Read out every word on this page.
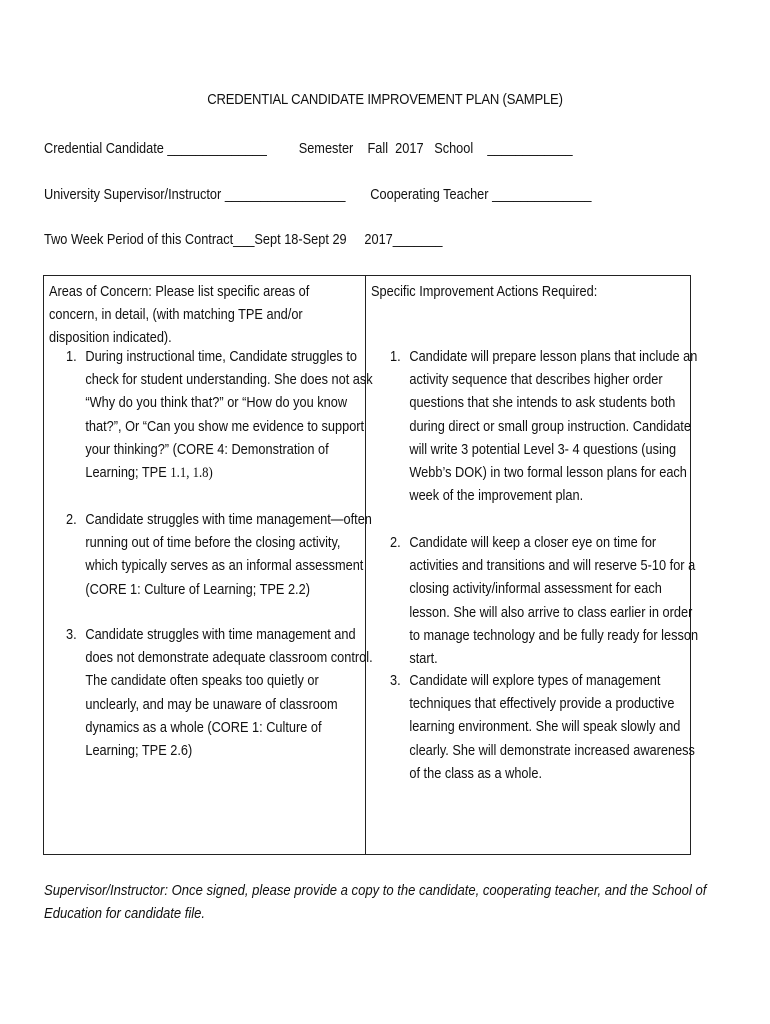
CREDENTIAL CANDIDATE IMPROVEMENT PLAN (SAMPLE)
Credential Candidate ______________ Semester Fall  2017 School ____________
University Supervisor/Instructor _________________ Cooperating Teacher ______________
Two Week Period of this Contract___Sept 18-Sept 29     2017_______
Areas of Concern: Please list specific areas of concern, in detail, (with matching TPE and/or disposition indicated).
1. During instructional time, Candidate struggles to check for student understanding. She does not ask “Why do you think that?” or “How do you know that?”, Or “Can you show me evidence to support your thinking?” (CORE 4: Demonstration of Learning; TPE 1.1, 1.8)
2. Candidate struggles with time management—often running out of time before the closing activity, which typically serves as an informal assessment (CORE 1: Culture of Learning; TPE 2.2)
3. Candidate struggles with time management and does not demonstrate adequate classroom control. The candidate often speaks too quietly or unclearly, and may be unaware of classroom dynamics as a whole (CORE 1: Culture of Learning; TPE 2.6)
Specific Improvement Actions Required:
1. Candidate will prepare lesson plans that include an activity sequence that describes higher order questions that she intends to ask students both during direct or small group instruction. Candidate will write 3 potential Level 3- 4 questions (using Webb’s DOK) in two formal lesson plans for each week of the improvement plan.
2. Candidate will keep a closer eye on time for activities and transitions and will reserve 5-10 for a closing activity/informal assessment for each lesson. She will also arrive to class earlier in order to manage technology and be fully ready for lesson start.
3. Candidate will explore types of management techniques that effectively provide a productive learning environment. She will speak slowly and clearly. She will demonstrate increased awareness of the class as a whole.
Supervisor/Instructor: Once signed, please provide a copy to the candidate, cooperating teacher, and the School of Education for candidate file.
